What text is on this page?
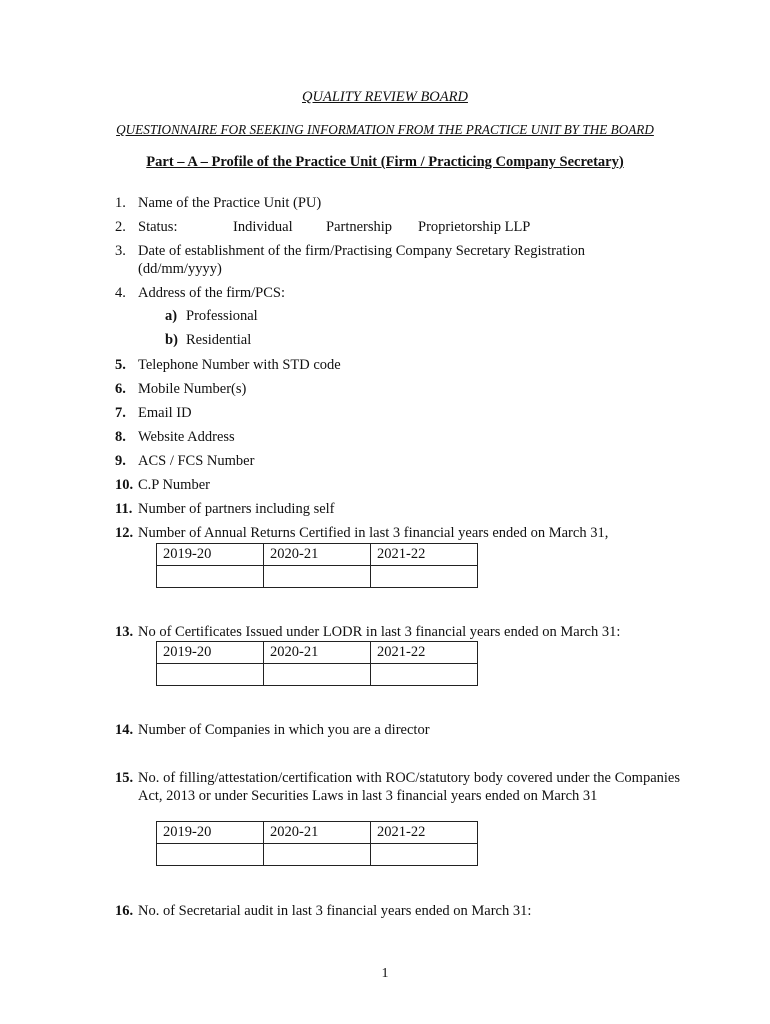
QUALITY REVIEW BOARD
QUESTIONNAIRE FOR SEEKING INFORMATION FROM THE PRACTICE UNIT BY THE BOARD
Part – A – Profile of the Practice Unit (Firm / Practicing Company Secretary)
1. Name of the Practice Unit (PU)
2. Status:	Individual Partnership Proprietorship LLP
3. Date of establishment of the firm/Practising Company Secretary Registration
(dd/mm/yyyy)
4. Address of the firm/PCS:
a) Professional
b) Residential
5. Telephone Number with STD code
6. Mobile Number(s)
7. Email ID
8. Website Address
9. ACS / FCS Number
10. C.P Number
11. Number of partners including self
12. Number of Annual Returns Certified in last 3 financial years ended on March 31,
2019-20	2020-21	2021-22

13. No of Certificates Issued under LODR in last 3 financial years ended on March 31:
2019-20	2020-21	2021-22

14. Number of Companies in which you are a director
15. No. of filling/attestation/certification with ROC/statutory body covered under the Companies Act, 2013 or under Securities Laws in last 3 financial years ended on March 31
2019-20	2020-21	2021-22

16. No. of Secretarial audit in last 3 financial years ended on March 31:
1
